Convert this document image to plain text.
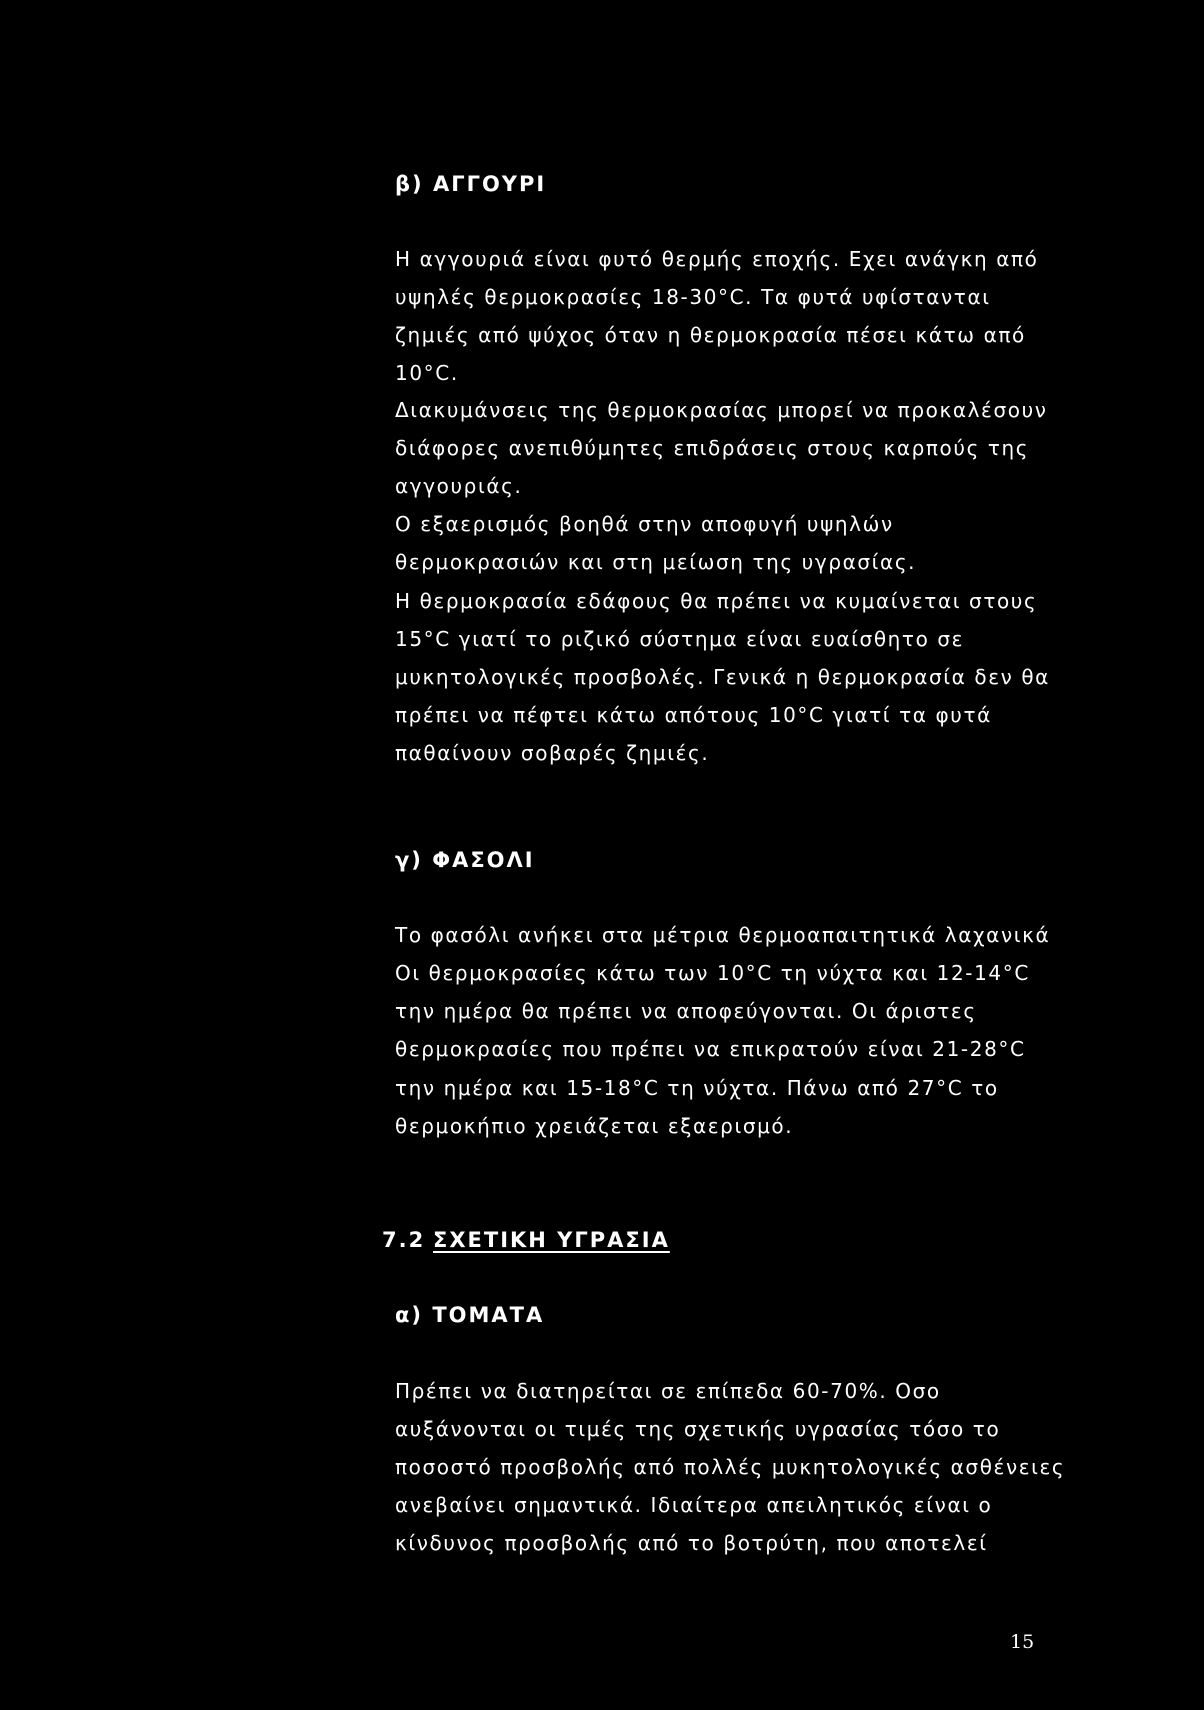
β) ΑΓΓΟΥΡΙ
Η αγγουριά είναι φυτό θερμής εποχής. Εχει ανάγκη από
υψηλές θερμοκρασίες 18-30°C. Τα φυτά υφίστανται
ζημιές από ψύχος όταν η θερμοκρασία πέσει κάτω από
10°C.
Διακυμάνσεις της θερμοκρασίας μπορεί να προκαλέσουν
διάφορες ανεπιθύμητες επιδράσεις στους καρπούς της
αγγουριάς.
Ο εξαερισμός βοηθά στην αποφυγή υψηλών
θερμοκρασιών και στη μείωση της υγρασίας.
Η θερμοκρασία εδάφους θα πρέπει να κυμαίνεται στους
15°C γιατί το ριζικό σύστημα είναι ευαίσθητο σε
μυκητολογικές προσβολές. Γενικά η θερμοκρασία δεν θα
πρέπει να πέφτει κάτω απότους 10°C γιατί τα φυτά
παθαίνουν σοβαρές ζημιές.
γ) ΦΑΣΟΛΙ
Το φασόλι ανήκει στα μέτρια θερμοαπαιτητικά λαχανικά
Οι θερμοκρασίες κάτω των 10°C τη νύχτα και 12-14°C
την ημέρα θα πρέπει να αποφεύγονται. Οι άριστες
θερμοκρασίες που πρέπει να επικρατούν είναι 21-28°C
την ημέρα και 15-18°C τη νύχτα. Πάνω από 27°C το
θερμοκήπιο χρειάζεται εξαερισμό.
7.2 ΣΧΕΤΙΚΗ ΥΓΡΑΣΙΑ
α) ΤΟΜΑΤΑ
Πρέπει να διατηρείται σε επίπεδα 60-70%. Οσο
αυξάνονται οι τιμές της σχετικής υγρασίας τόσο το
ποσοστό προσβολής από πολλές μυκητολογικές ασθένειες
ανεβαίνει σημαντικά. Ιδιαίτερα απειλητικός είναι ο
κίνδυνος προσβολής από το βοτρύτη, που αποτελεί
15
